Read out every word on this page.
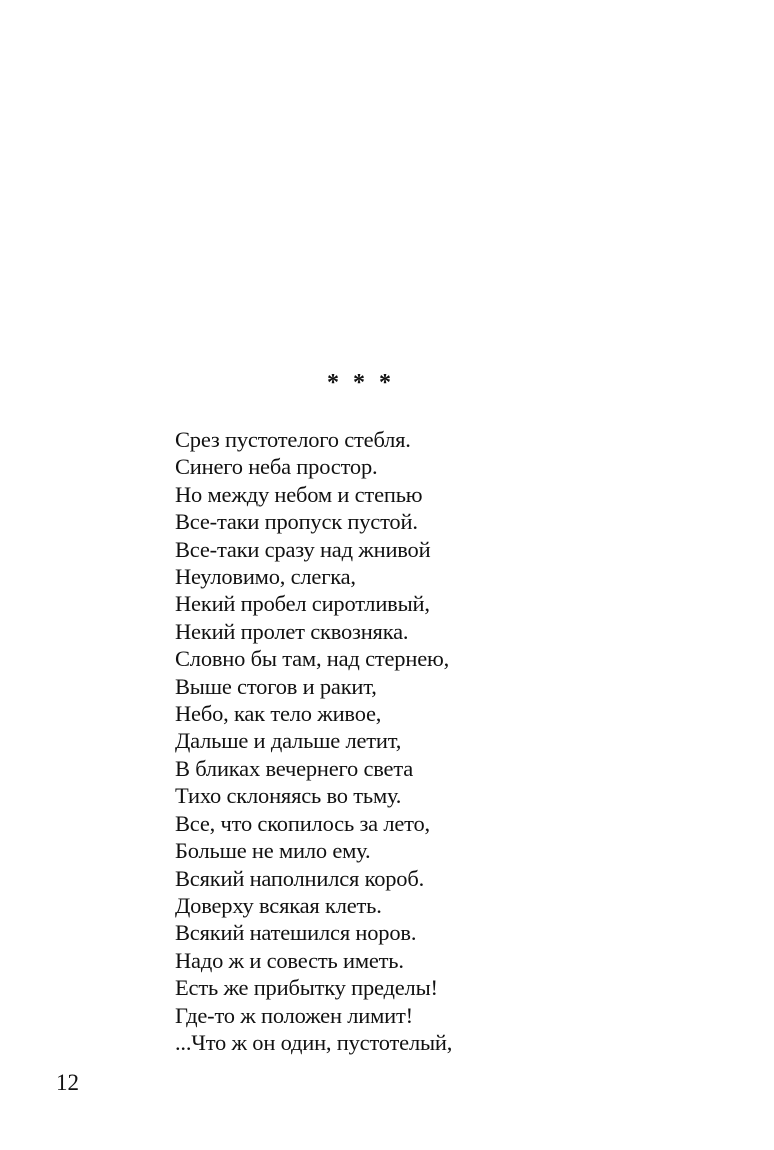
* * *
Срез пустотелого стебля.
Синего неба простор.
Но между небом и степью
Все-таки пропуск пустой.
Все-таки сразу над жнивой
Неуловимо, слегка,
Некий пробел сиротливый,
Некий пролет сквозняка.
Словно бы там, над стернею,
Выше стогов и ракит,
Небо, как тело живое,
Дальше и дальше летит,
В бликах вечернего света
Тихо склоняясь во тьму.
Все, что скопилось за лето,
Больше не мило ему.
Всякий наполнился короб.
Доверху всякая клеть.
Всякий натешился норов.
Надо ж и совесть иметь.
Есть же прибытку пределы!
Где-то ж положен лимит!
...Что ж он один, пустотелый,
12
